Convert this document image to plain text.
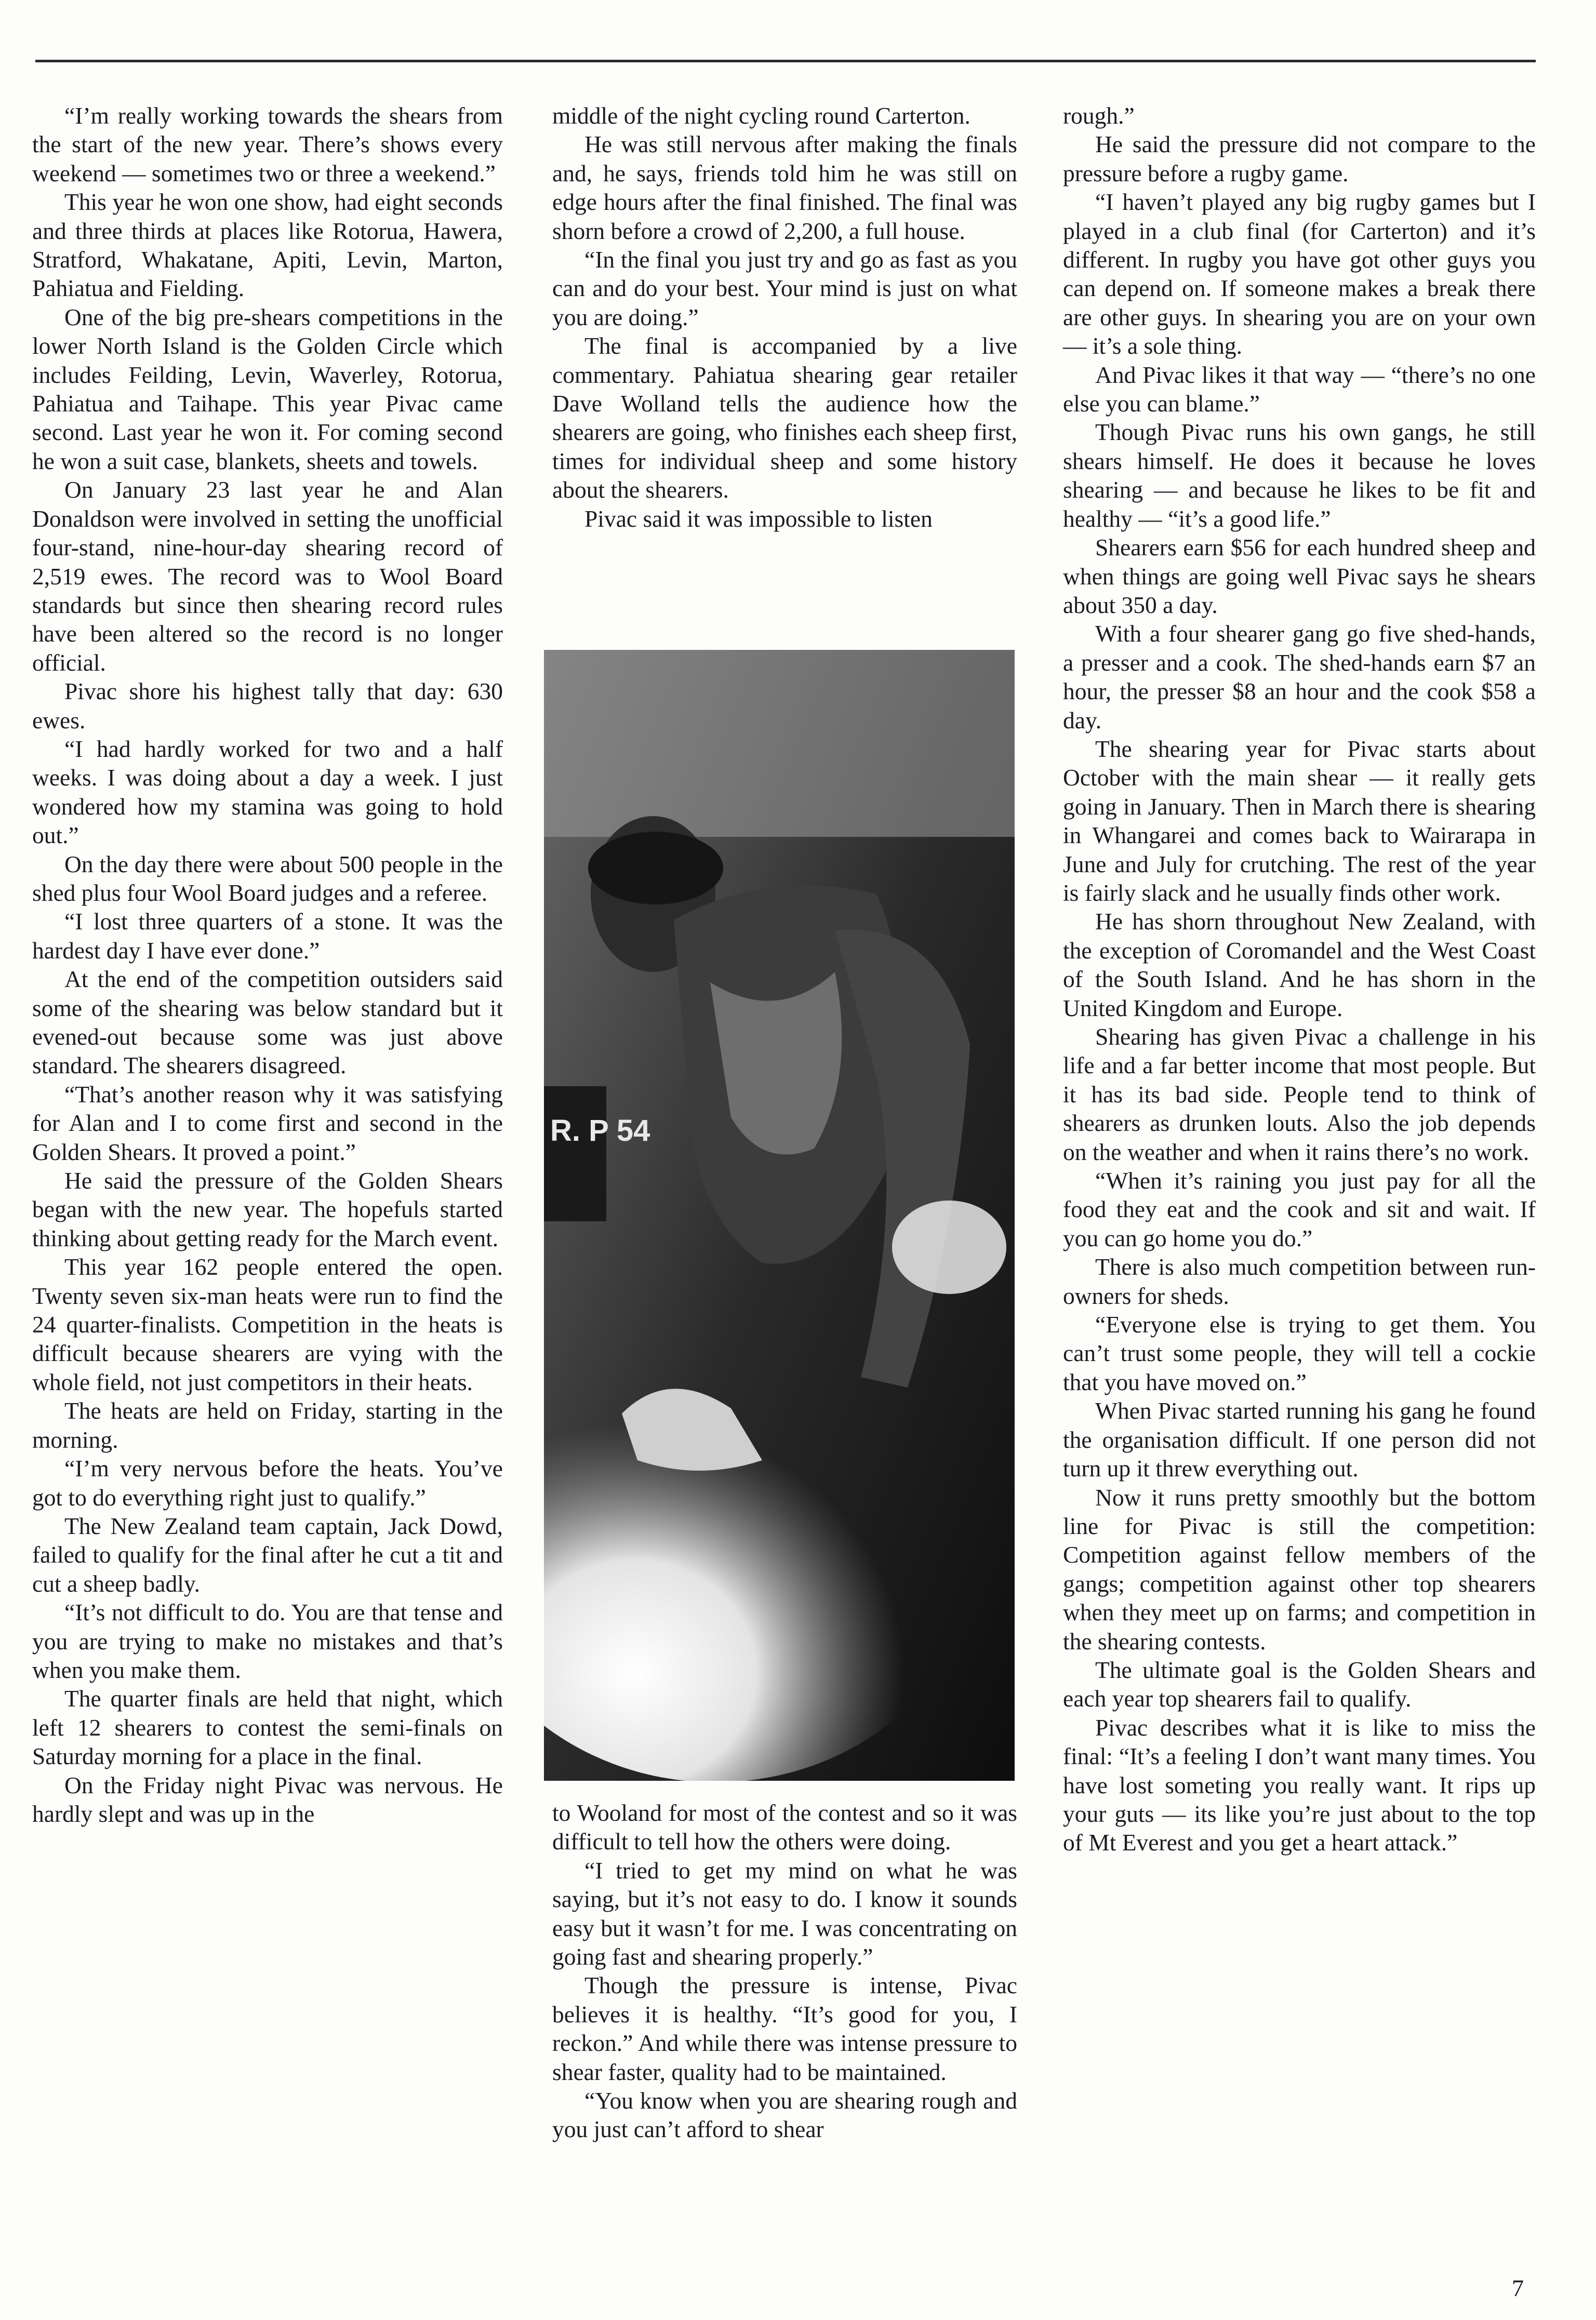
“I’m really working towards the shears from the start of the new year. There’s shows every weekend — sometimes two or three a weekend.”

This year he won one show, had eight seconds and three thirds at places like Rotorua, Hawera, Stratford, Whakatane, Apiti, Levin, Marton, Pahiatua and Fielding.

One of the big pre-shears competitions in the lower North Island is the Golden Circle which includes Feilding, Levin, Waverley, Rotorua, Pahiatua and Taihape. This year Pivac came second. Last year he won it. For coming second he won a suit case, blankets, sheets and towels.

On January 23 last year he and Alan Donaldson were involved in setting the unofficial four-stand, nine-hour-day shearing record of 2,519 ewes. The record was to Wool Board standards but since then shearing record rules have been altered so the record is no longer official.

Pivac shore his highest tally that day: 630 ewes.

“I had hardly worked for two and a half weeks. I was doing about a day a week. I just wondered how my stamina was going to hold out.”

On the day there were about 500 people in the shed plus four Wool Board judges and a referee.

“I lost three quarters of a stone. It was the hardest day I have ever done.”

At the end of the competition outsiders said some of the shearing was below standard but it evened-out because some was just above standard. The shearers disagreed.

“That’s another reason why it was satisfying for Alan and I to come first and second in the Golden Shears. It proved a point.”

He said the pressure of the Golden Shears began with the new year. The hopefuls started thinking about getting ready for the March event.

This year 162 people entered the open. Twenty seven six-man heats were run to find the 24 quarter-finalists. Competition in the heats is difficult because shearers are vying with the whole field, not just competitors in their heats.

The heats are held on Friday, starting in the morning.

“I’m very nervous before the heats. You’ve got to do everything right just to qualify.”

The New Zealand team captain, Jack Dowd, failed to qualify for the final after he cut a tit and cut a sheep badly.

“It’s not difficult to do. You are that tense and you are trying to make no mistakes and that’s when you make them.

The quarter finals are held that night, which left 12 shearers to contest the semi-finals on Saturday morning for a place in the final.

On the Friday night Pivac was nervous. He hardly slept and was up in the

middle of the night cycling round Carterton.

He was still nervous after making the finals and, he says, friends told him he was still on edge hours after the final finished. The final was shorn before a crowd of 2,200, a full house.

“In the final you just try and go as fast as you can and do your best. Your mind is just on what you are doing.”

The final is accompanied by a live commentary. Pahiatua shearing gear retailer Dave Wolland tells the audience how the shearers are going, who finishes each sheep first, times for individual sheep and some history about the shearers.

Pivac said it was impossible to listen

R. P 54

to Wooland for most of the contest and so it was difficult to tell how the others were doing.

“I tried to get my mind on what he was saying, but it’s not easy to do. I know it sounds easy but it wasn’t for me. I was concentrating on going fast and shearing properly.”

Though the pressure is intense, Pivac believes it is healthy. “It’s good for you, I reckon.” And while there was intense pressure to shear faster, quality had to be maintained.

“You know when you are shearing rough and you just can’t afford to shear

rough.”

He said the pressure did not compare to the pressure before a rugby game.

“I haven’t played any big rugby games but I played in a club final (for Carterton) and it’s different. In rugby you have got other guys you can depend on. If someone makes a break there are other guys. In shearing you are on your own — it’s a sole thing.

And Pivac likes it that way — “there’s no one else you can blame.”

Though Pivac runs his own gangs, he still shears himself. He does it because he loves shearing — and because he likes to be fit and healthy — “it’s a good life.”

Shearers earn $56 for each hundred sheep and when things are going well Pivac says he shears about 350 a day.

With a four shearer gang go five shed-hands, a presser and a cook. The shed-hands earn $7 an hour, the presser $8 an hour and the cook $58 a day.

The shearing year for Pivac starts about October with the main shear — it really gets going in January. Then in March there is shearing in Whangarei and comes back to Wairarapa in June and July for crutching. The rest of the year is fairly slack and he usually finds other work.

He has shorn throughout New Zealand, with the exception of Coromandel and the West Coast of the South Island. And he has shorn in the United Kingdom and Europe.

Shearing has given Pivac a challenge in his life and a far better income that most people. But it has its bad side. People tend to think of shearers as drunken louts. Also the job depends on the weather and when it rains there’s no work.

“When it’s raining you just pay for all the food they eat and the cook and sit and wait. If you can go home you do.”

There is also much competition between run-owners for sheds.

“Everyone else is trying to get them. You can’t trust some people, they will tell a cockie that you have moved on.”

When Pivac started running his gang he found the organisation difficult. If one person did not turn up it threw everything out.

Now it runs pretty smoothly but the bottom line for Pivac is still the competition: Competition against fellow members of the gangs; competition against other top shearers when they meet up on farms; and competition in the shearing contests.

The ultimate goal is the Golden Shears and each year top shearers fail to qualify.

Pivac describes what it is like to miss the final: “It’s a feeling I don’t want many times. You have lost someting you really want. It rips up your guts — its like you’re just about to the top of Mt Everest and you get a heart attack.”

7
